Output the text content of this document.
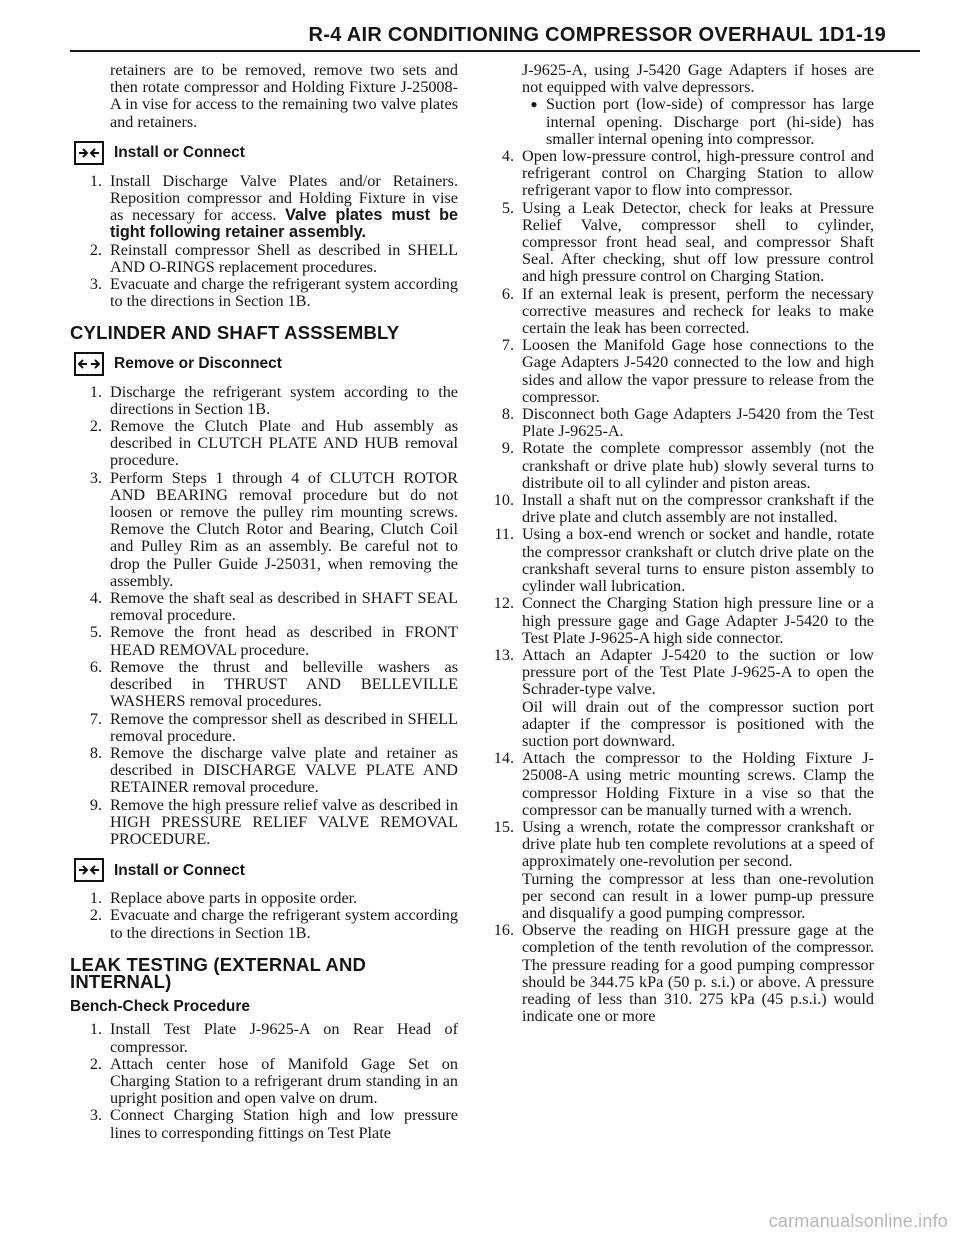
R-4 AIR CONDITIONING COMPRESSOR OVERHAUL 1D1-19

retainers are to be removed, remove two sets and then rotate compressor and Holding Fixture J-25008-A in vise for access to the remaining two valve plates and retainers.

Install or Connect
1. Install Discharge Valve Plates and/or Retainers. Reposition compressor and Holding Fixture in vise as necessary for access. Valve plates must be tight following retainer assembly.
2. Reinstall compressor Shell as described in SHELL AND O-RINGS replacement procedures.
3. Evacuate and charge the refrigerant system according to the directions in Section 1B.
CYLINDER AND SHAFT ASSSEMBLY
Remove or Disconnect
1. Discharge the refrigerant system according to the directions in Section 1B.
2. Remove the Clutch Plate and Hub assembly as described in CLUTCH PLATE AND HUB removal procedure.
3. Perform Steps 1 through 4 of CLUTCH ROTOR AND BEARING removal procedure but do not loosen or remove the pulley rim mounting screws. Remove the Clutch Rotor and Bearing, Clutch Coil and Pulley Rim as an assembly. Be careful not to drop the Puller Guide J-25031, when removing the assembly.
4. Remove the shaft seal as described in SHAFT SEAL removal procedure.
5. Remove the front head as described in FRONT HEAD REMOVAL procedure.
6. Remove the thrust and belleville washers as described in THRUST AND BELLEVILLE WASHERS removal procedures.
7. Remove the compressor shell as described in SHELL removal procedure.
8. Remove the discharge valve plate and retainer as described in DISCHARGE VALVE PLATE AND RETAINER removal procedure.
9. Remove the high pressure relief valve as described in HIGH PRESSURE RELIEF VALVE REMOVAL PROCEDURE.
Install or Connect
1. Replace above parts in opposite order.
2. Evacuate and charge the refrigerant system according to the directions in Section 1B.
LEAK TESTING (EXTERNAL AND INTERNAL)
Bench-Check Procedure
1. Install Test Plate J-9625-A on Rear Head of compressor.
2. Attach center hose of Manifold Gage Set on Charging Station to a refrigerant drum standing in an upright position and open valve on drum.
3. Connect Charging Station high and low pressure lines to corresponding fittings on Test Plate

J-9625-A, using J-5420 Gage Adapters if hoses are not equipped with valve depressors.

● Suction port (low-side) of compressor has large internal opening. Discharge port (hi-side) has smaller internal opening into compressor.
4. Open low-pressure control, high-pressure control and refrigerant control on Charging Station to allow refrigerant vapor to flow into compressor.
5. Using a Leak Detector, check for leaks at Pressure Relief Valve, compressor shell to cylinder, compressor front head seal, and compressor Shaft Seal. After checking, shut off low pressure control and high pressure control on Charging Station.
6. If an external leak is present, perform the necessary corrective measures and recheck for leaks to make certain the leak has been corrected.
7. Loosen the Manifold Gage hose connections to the Gage Adapters J-5420 connected to the low and high sides and allow the vapor pressure to release from the compressor.
8. Disconnect both Gage Adapters J-5420 from the Test Plate J-9625-A.
9. Rotate the complete compressor assembly (not the crankshaft or drive plate hub) slowly several turns to distribute oil to all cylinder and piston areas.
10. Install a shaft nut on the compressor crankshaft if the drive plate and clutch assembly are not installed.
11. Using a box-end wrench or socket and handle, rotate the compressor crankshaft or clutch drive plate on the crankshaft several turns to ensure piston assembly to cylinder wall lubrication.
12. Connect the Charging Station high pressure line or a high pressure gage and Gage Adapter J-5420 to the Test Plate J-9625-A high side connector.
13. Attach an Adapter J-5420 to the suction or low pressure port of the Test Plate J-9625-A to open the Schrader-type valve.

Oil will drain out of the compressor suction port adapter if the compressor is positioned with the suction port downward.

14. Attach the compressor to the Holding Fixture J-25008-A using metric mounting screws. Clamp the compressor Holding Fixture in a vise so that the compressor can be manually turned with a wrench.
15. Using a wrench, rotate the compressor crankshaft or drive plate hub ten complete revolutions at a speed of approximately one-revolution per second.

Turning the compressor at less than one-revolution per second can result in a lower pump-up pressure and disqualify a good pumping compressor.

16. Observe the reading on HIGH pressure gage at the completion of the tenth revolution of the compressor. The pressure reading for a good pumping compressor should be 344.75 kPa (50 p. s.i.) or above. A pressure reading of less than 310. 275 kPa (45 p.s.i.) would indicate one or more
carmanualsonline.info
